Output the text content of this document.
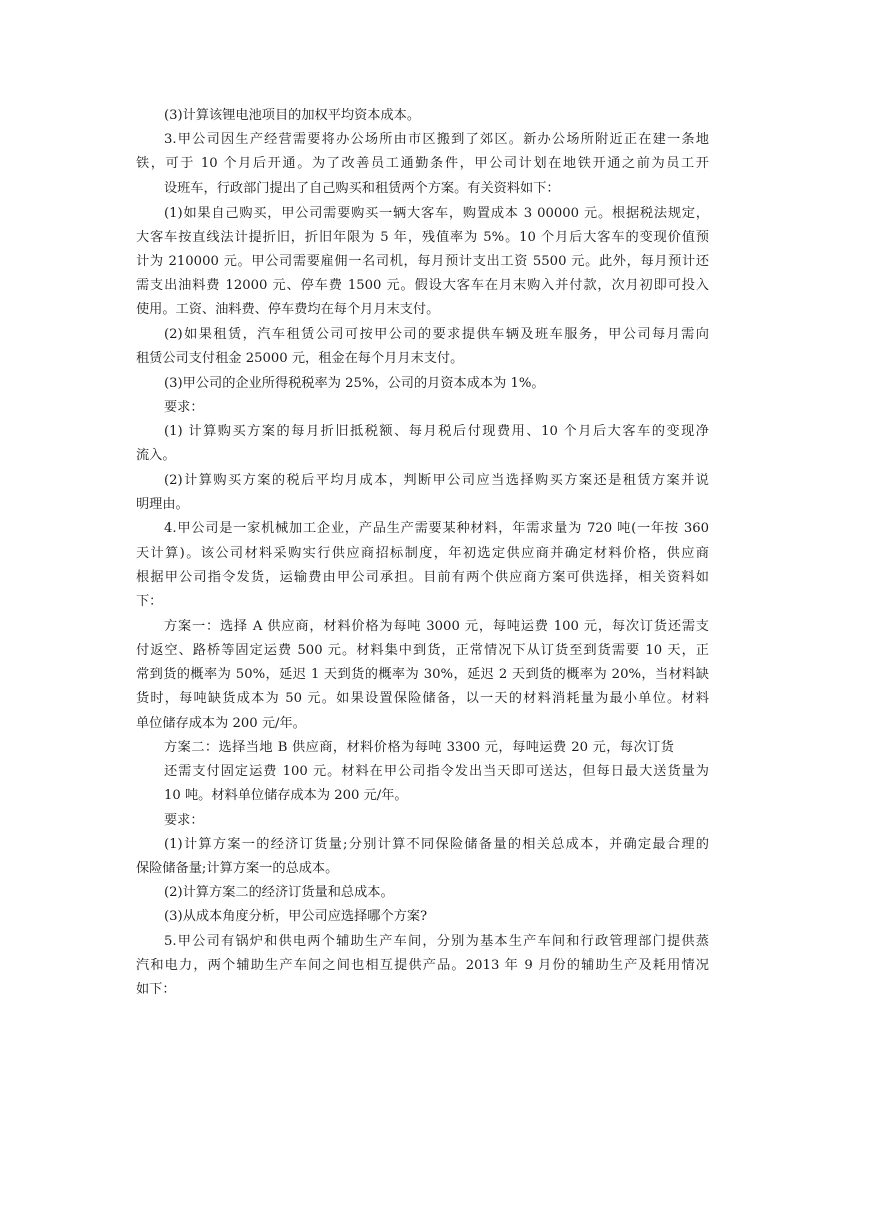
(3)计算该锂电池项目的加权平均资本成本。
3.甲公司因生产经营需要将办公场所由市区搬到了郊区。新办公场所附近正在建一条地
铁，可于 10 个月后开通。为了改善员工通勤条件，甲公司计划在地铁开通之前为员工开
设班车，行政部门提出了自己购买和租赁两个方案。有关资料如下：
(1)如果自己购买，甲公司需要购买一辆大客车，购置成本 3 00000 元。根据税法规定，
大客车按直线法计提折旧，折旧年限为 5 年，残值率为 5%。10 个月后大客车的变现价值预
计为 210000 元。甲公司需要雇佣一名司机，每月预计支出工资 5500 元。此外，每月预计还
需支出油料费 12000 元、停车费 1500 元。假设大客车在月末购入并付款，次月初即可投入
使用。工资、油料费、停车费均在每个月月末支付。
(2)如果租赁，汽车租赁公司可按甲公司的要求提供车辆及班车服务，甲公司每月需向
租赁公司支付租金 25000 元，租金在每个月月末支付。
(3)甲公司的企业所得税税率为 25%，公司的月资本成本为 1%。
要求：
(1) 计算购买方案的每月折旧抵税额、每月税后付现费用、10 个月后大客车的变现净
流入。
(2)计算购买方案的税后平均月成本，判断甲公司应当选择购买方案还是租赁方案并说
明理由。
4.甲公司是一家机械加工企业，产品生产需要某种材料，年需求量为 720 吨(一年按 360
天计算)。该公司材料采购实行供应商招标制度，年初选定供应商并确定材料价格，供应商
根据甲公司指令发货，运输费由甲公司承担。目前有两个供应商方案可供选择，相关资料如
下：
方案一：选择 A 供应商，材料价格为每吨 3000 元，每吨运费 100 元，每次订货还需支
付返空、路桥等固定运费 500 元。材料集中到货，正常情况下从订货至到货需要 10 天，正
常到货的概率为 50%，延迟 1 天到货的概率为 30%，延迟 2 天到货的概率为 20%，当材料缺
货时，每吨缺货成本为 50 元。如果设置保险储备，以一天的材料消耗量为最小单位。材料
单位储存成本为 200 元/年。
方案二：选择当地 B 供应商，材料价格为每吨 3300 元，每吨运费 20 元，每次订货
还需支付固定运费 100 元。材料在甲公司指令发出当天即可送达，但每日最大送货量为
10 吨。材料单位储存成本为 200 元/年。
要求：
(1)计算方案一的经济订货量;分别计算不同保险储备量的相关总成本，并确定最合理的
保险储备量;计算方案一的总成本。
(2)计算方案二的经济订货量和总成本。
(3)从成本角度分析，甲公司应选择哪个方案?
5.甲公司有锅炉和供电两个辅助生产车间，分别为基本生产车间和行政管理部门提供蒸
汽和电力，两个辅助生产车间之间也相互提供产品。2013 年 9 月份的辅助生产及耗用情况
如下：
